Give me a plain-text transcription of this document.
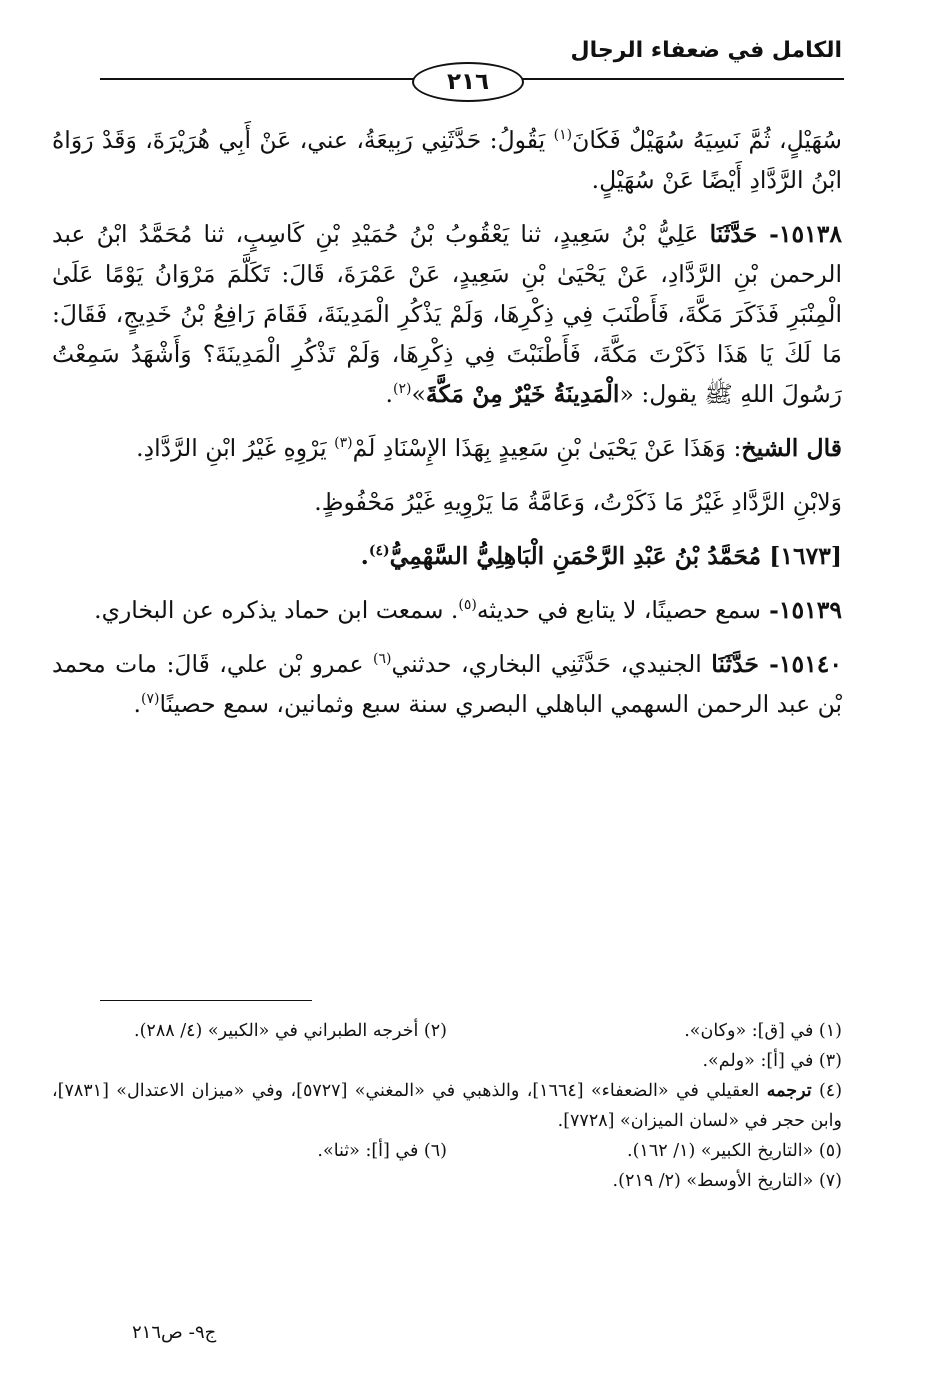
الكامل في ضعفاء الرجال
٢١٦

سُهَيْلٍ، ثُمَّ نَسِيَهُ سُهَيْلٌ فَكَانَ$^{(١)}$ يَقُولُ: حَدَّثَنِي رَبِيعَةُ، عني، عَنْ أَبِي هُرَيْرَةَ، وَقَدْ رَوَاهُ ابْنُ الرَّدَّادِ أَيْضًا عَنْ سُهَيْلٍ.

١٥١٣٨- حَدَّثَنَا عَلِيُّ بْنُ سَعِيدٍ، ثنا يَعْقُوبُ بْنُ حُمَيْدِ بْنِ كَاسِبٍ، ثنا مُحَمَّدُ ابْنُ عبد الرحمن بْنِ الرَّدَّادِ، عَنْ يَحْيَىٰ بْنِ سَعِيدٍ، عَنْ عَمْرَةَ، قَالَ: تَكَلَّمَ مَرْوَانُ يَوْمًا عَلَىٰ الْمِنْبَرِ فَذَكَرَ مَكَّةَ، فَأَطْنَبَ فِي ذِكْرِهَا، وَلَمْ يَذْكُرِ الْمَدِينَةَ، فَقَامَ رَافِعُ بْنُ خَدِيجٍ، فَقَالَ: مَا لَكَ يَا هَذَا ذَكَرْتَ مَكَّةَ، فَأَطْنَبْتَ فِي ذِكْرِهَا، وَلَمْ تَذْكُرِ الْمَدِينَةَ؟ وَأَشْهَدُ سَمِعْتُ رَسُولَ اللهِ ﷺ يقول: «الْمَدِينَةُ خَيْرٌ مِنْ مَكَّةَ»$^{(٢)}$.

قال الشيخ: وَهَذَا عَنْ يَحْيَىٰ بْنِ سَعِيدٍ بِهَذَا الإِسْنَادِ لَمْ$^{(٣)}$ يَرْوِهِ غَيْرُ ابْنِ الرَّدَّادِ.

وَلابْنِ الرَّدَّادِ غَيْرُ مَا ذَكَرْتُ، وَعَامَّةُ مَا يَرْوِيهِ غَيْرُ مَحْفُوظٍ.

[١٦٧٣] مُحَمَّدُ بْنُ عَبْدِ الرَّحْمَنِ الْبَاهِلِيُّ السَّهْمِيُّ$^{(٤)}$.

١٥١٣٩- سمع حصينًا، لا يتابع في حديثه$^{(٥)}$. سمعت ابن حماد يذكره عن البخاري.

١٥١٤٠- حَدَّثَنَا الجنيدي، حَدَّثَنِي البخاري، حدثني$^{(٦)}$ عمرو بْن علي، قَالَ: مات محمد بْن عبد الرحمن السهمي الباهلي البصري سنة سبع وثمانين، سمع حصينًا$^{(٧)}$.

(١) في [ق]: «وكان».
(٢) أخرجه الطبراني في «الكبير» (٤/ ٢٨٨).

(٣) في [أ]: «ولم».

(٤) ترجمه العقيلي في «الضعفاء» [١٦٦٤]، والذهبي في «المغني» [٥٧٢٧]، وفي «ميزان الاعتدال» [٧٨٣١]، وابن حجر في «لسان الميزان» [٧٧٢٨].

(٥) «التاريخ الكبير» (١/ ١٦٢).
(٦) في [أ]: «ثنا».

(٧) «التاريخ الأوسط» (٢/ ٢١٩).

ج٩- ص٢١٦
